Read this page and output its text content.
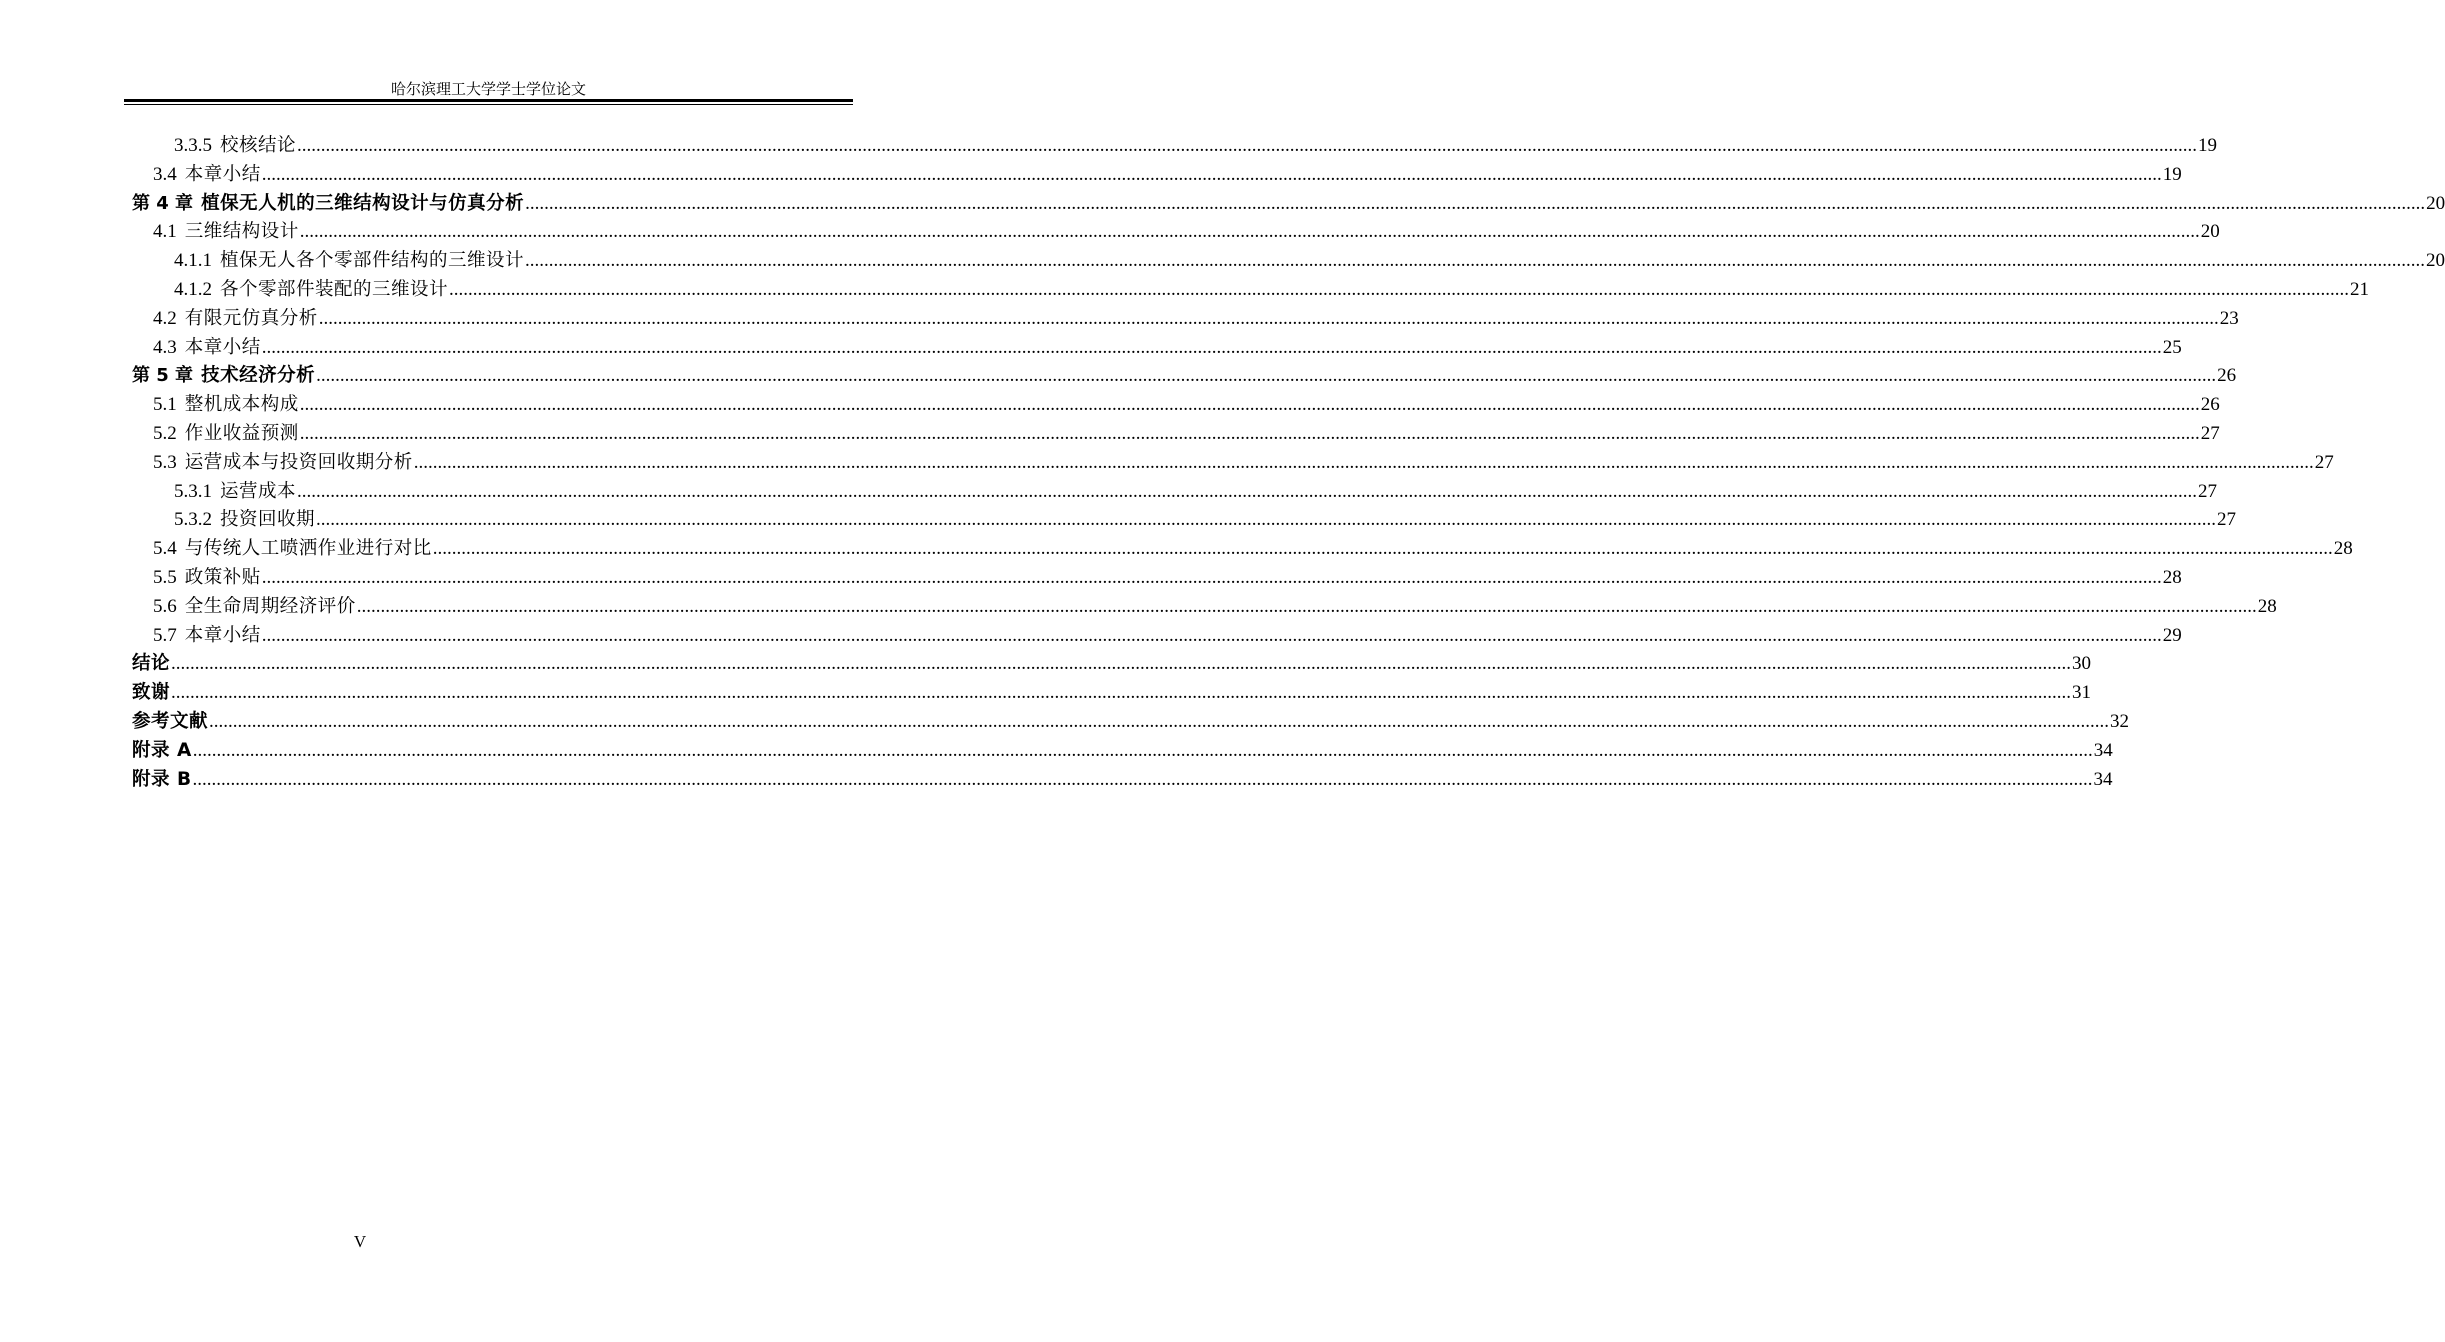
哈尔滨理工大学学士学位论文
3.3.5 校核结论 ................................................................................................................................................................................................................................................................................................................................................................................................................ 19
3.4 本章小结 ................................................................................................................................................................................................................................................................................................................................................................................................................ 19
第 4 章 植保无人机的三维结构设计与仿真分析 ................................................................................................................................................................................................................................................................................................................................................................................................................ 20
4.1 三维结构设计 ................................................................................................................................................................................................................................................................................................................................................................................................................ 20
4.1.1 植保无人各个零部件结构的三维设计 ................................................................................................................................................................................................................................................................................................................................................................................................................ 20
4.1.2 各个零部件装配的三维设计 ................................................................................................................................................................................................................................................................................................................................................................................................................ 21
4.2 有限元仿真分析 ................................................................................................................................................................................................................................................................................................................................................................................................................ 23
4.3 本章小结 ................................................................................................................................................................................................................................................................................................................................................................................................................ 25
第 5 章 技术经济分析 ................................................................................................................................................................................................................................................................................................................................................................................................................ 26
5.1 整机成本构成 ................................................................................................................................................................................................................................................................................................................................................................................................................ 26
5.2 作业收益预测 ................................................................................................................................................................................................................................................................................................................................................................................................................ 27
5.3 运营成本与投资回收期分析 ................................................................................................................................................................................................................................................................................................................................................................................................................ 27
5.3.1 运营成本 ................................................................................................................................................................................................................................................................................................................................................................................................................ 27
5.3.2 投资回收期 ................................................................................................................................................................................................................................................................................................................................................................................................................ 27
5.4 与传统人工喷洒作业进行对比 ................................................................................................................................................................................................................................................................................................................................................................................................................ 28
5.5 政策补贴 ................................................................................................................................................................................................................................................................................................................................................................................................................ 28
5.6 全生命周期经济评价 ................................................................................................................................................................................................................................................................................................................................................................................................................ 28
5.7 本章小结 ................................................................................................................................................................................................................................................................................................................................................................................................................ 29
结论 ................................................................................................................................................................................................................................................................................................................................................................................................................ 30
致谢 ................................................................................................................................................................................................................................................................................................................................................................................................................ 31
参考文献 ................................................................................................................................................................................................................................................................................................................................................................................................................ 32
附录 A ................................................................................................................................................................................................................................................................................................................................................................................................................ 34
附录 B ................................................................................................................................................................................................................................................................................................................................................................................................................ 34
V
